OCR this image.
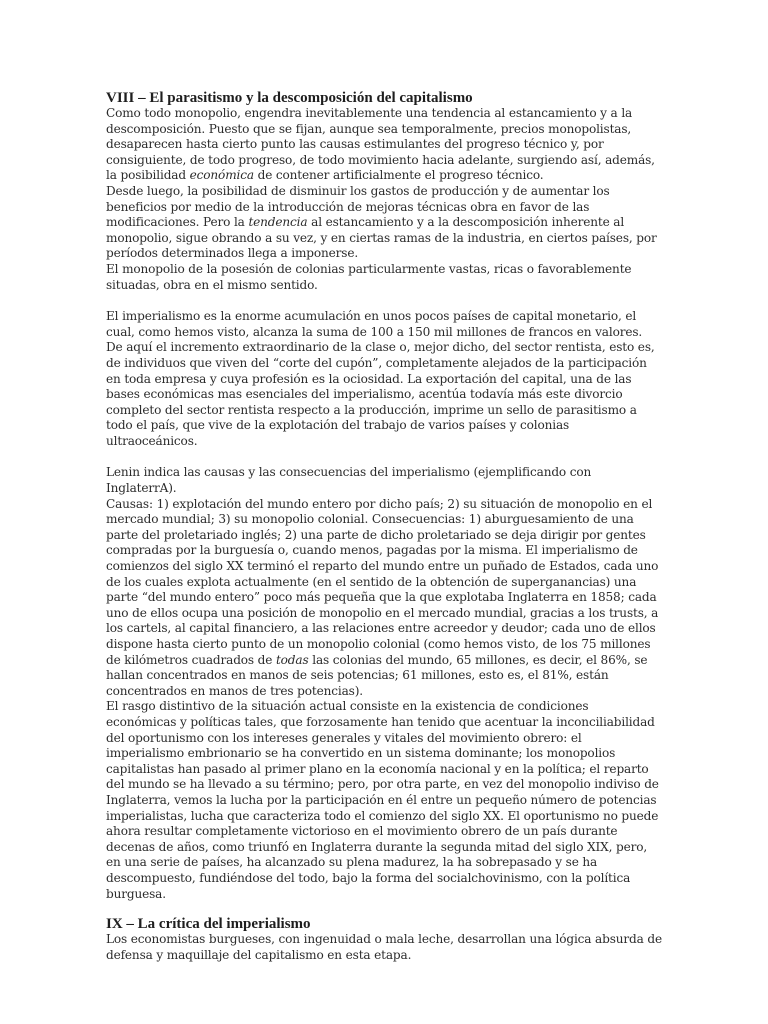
VIII – El parasitismo y la descomposición del capitalismo

Como todo monopolio, engendra inevitablemente una tendencia al estancamiento y a la descomposición. Puesto que se fijan, aunque sea temporalmente, precios monopolistas, desaparecen hasta cierto punto las causas estimulantes del progreso técnico y, por consiguiente, de todo progreso, de todo movimiento hacia adelante, surgiendo así, además, la posibilidad económica de contener artificialmente el progreso técnico.

Desde luego, la posibilidad de disminuir los gastos de producción y de aumentar los beneficios por medio de la introducción de mejoras técnicas obra en favor de las modificaciones. Pero la tendencia al estancamiento y a la descomposición inherente al monopolio, sigue obrando a su vez, y en ciertas ramas de la industria, en ciertos países, por períodos determinados llega a imponerse.

El monopolio de la posesión de colonias particularmente vastas, ricas o favorablemente situadas, obra en el mismo sentido.

El imperialismo es la enorme acumulación en unos pocos países de capital monetario, el cual, como hemos visto, alcanza la suma de 100 a 150 mil millones de francos en valores. De aquí el incremento extraordinario de la clase o, mejor dicho, del sector rentista, esto es, de individuos que viven del “corte del cupón”, completamente alejados de la participación en toda empresa y cuya profesión es la ociosidad. La exportación del capital, una de las bases económicas mas esenciales del imperialismo, acentúa todavía más este divorcio completo del sector rentista respecto a la producción, imprime un sello de parasitismo a todo el país, que vive de la explotación del trabajo de varios países y colonias ultraoceánicos.

Lenin indica las causas y las consecuencias del imperialismo (ejemplificando con InglaterrA).

Causas: 1) explotación del mundo entero por dicho país; 2) su situación de monopolio en el mercado mundial; 3) su monopolio colonial. Consecuencias: 1) aburguesamiento de una parte del proletariado inglés; 2) una parte de dicho proletariado se deja dirigir por gentes compradas por la burguesía o, cuando menos, pagadas por la misma. El imperialismo de comienzos del siglo XX terminó el reparto del mundo entre un puñado de Estados, cada uno de los cuales explota actualmente (en el sentido de la obtención de superganancias) una parte “del mundo entero” poco más pequeña que la que explotaba Inglaterra en 1858; cada uno de ellos ocupa una posición de monopolio en el mercado mundial, gracias a los trusts, a los cartels, al capital financiero, a las relaciones entre acreedor y deudor; cada uno de ellos dispone hasta cierto punto de un monopolio colonial (como hemos visto, de los 75 millones de kilómetros cuadrados de todas las colonias del mundo, 65 millones, es decir, el 86%, se hallan concentrados en manos de seis potencias; 61 millones, esto es, el 81%, están concentrados en manos de tres potencias).

El rasgo distintivo de la situación actual consiste en la existencia de condiciones económicas y políticas tales, que forzosamente han tenido que acentuar la inconciliabilidad del oportunismo con los intereses generales y vitales del movimiento obrero: el imperialismo embrionario se ha convertido en un sistema dominante; los monopolios capitalistas han pasado al primer plano en la economía nacional y en la política; el reparto del mundo se ha llevado a su término; pero, por otra parte, en vez del monopolio indiviso de Inglaterra, vemos la lucha por la participación en él entre un pequeño número de potencias imperialistas, lucha que caracteriza todo el comienzo del siglo XX. El oportunismo no puede ahora resultar completamente victorioso en el movimiento obrero de un país durante decenas de años, como triunfó en Inglaterra durante la segunda mitad del siglo XIX, pero, en una serie de países, ha alcanzado su plena madurez, la ha sobrepasado y se ha descompuesto, fundiéndose del todo, bajo la forma del socialchovinismo, con la política burguesa.

IX – La crítica del imperialismo

Los economistas burgueses, con ingenuidad o mala leche, desarrollan una lógica absurda de defensa y maquillaje del capitalismo en esta etapa.
